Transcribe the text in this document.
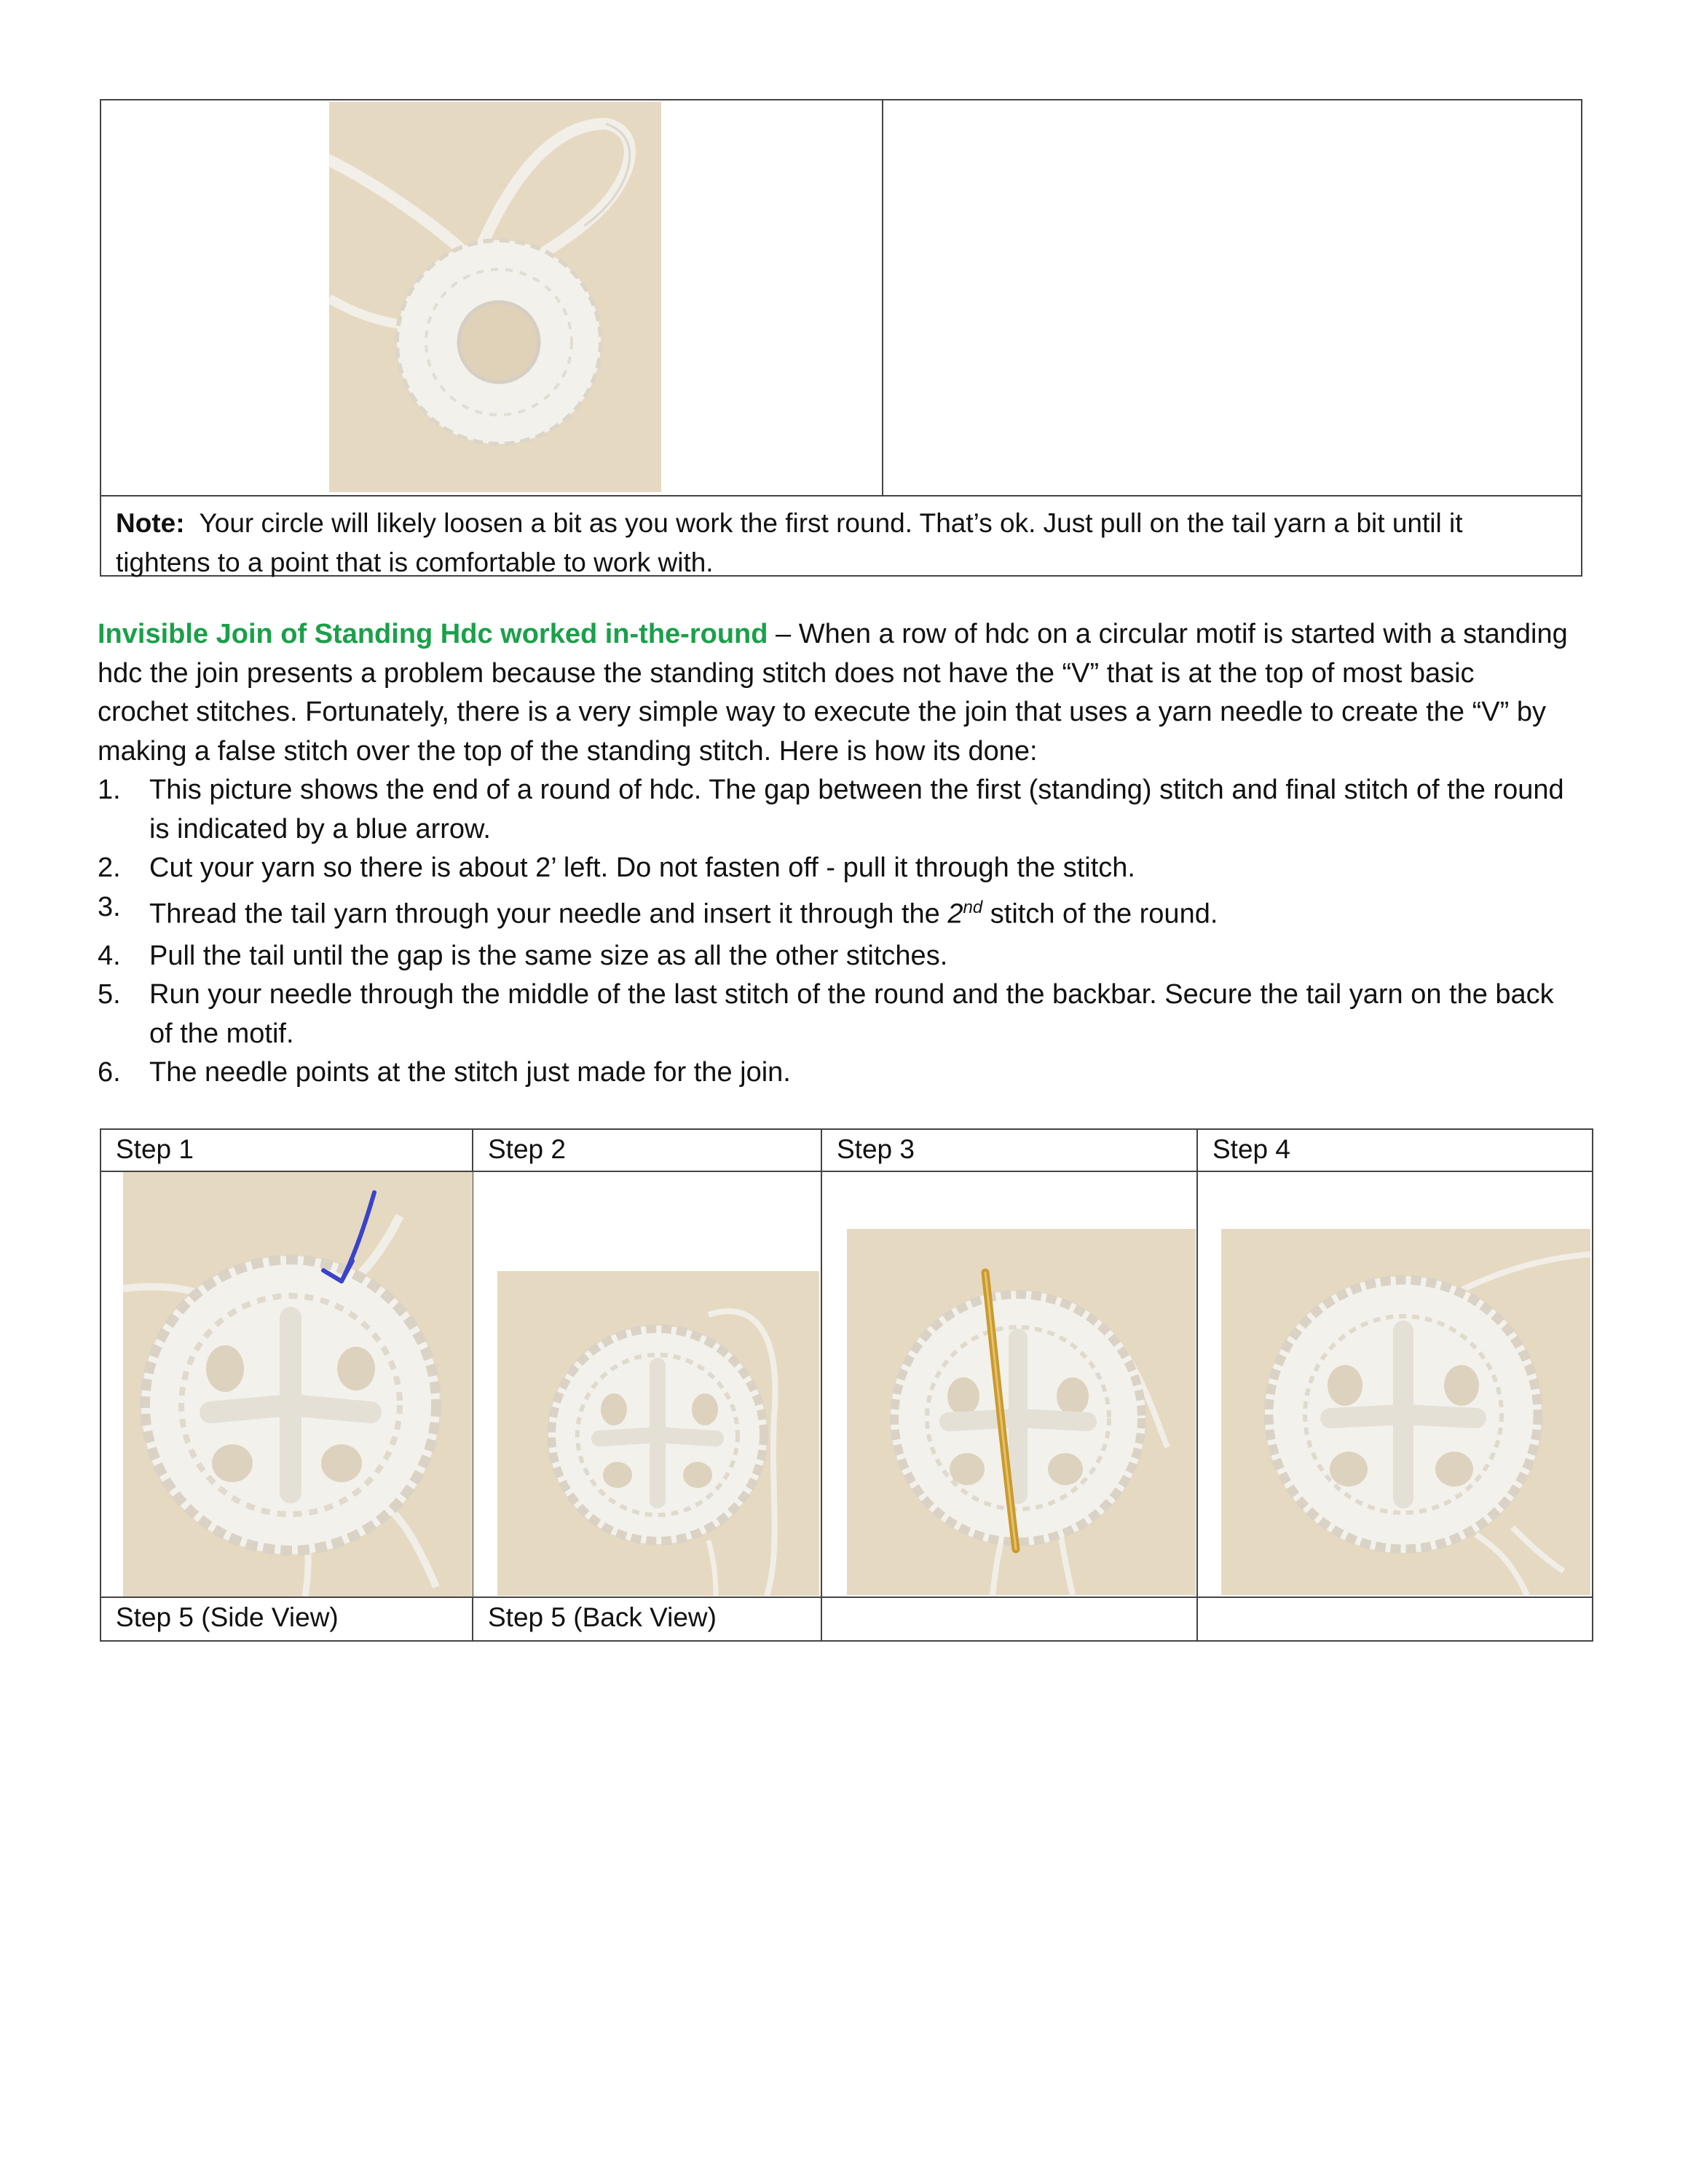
Note: Your circle will likely loosen a bit as you work the first round. That’s ok. Just pull on the tail yarn a bit until it
tightens to a point that is comfortable to work with.
Invisible Join of Standing Hdc worked in-the-round – When a row of hdc on a circular motif is started with a standing
hdc the join presents a problem because the standing stitch does not have the “V” that is at the top of most basic
crochet stitches. Fortunately, there is a very simple way to execute the join that uses a yarn needle to create the “V” by
making a false stitch over the top of the standing stitch. Here is how its done:
1. This picture shows the end of a round of hdc. The gap between the first (standing) stitch and final stitch of the round
is indicated by a blue arrow.
2. Cut your yarn so there is about 2’ left. Do not fasten off - pull it through the stitch.
3. Thread the tail yarn through your needle and insert it through the 2nd stitch of the round.
4. Pull the tail until the gap is the same size as all the other stitches.
5. Run your needle through the middle of the last stitch of the round and the backbar. Secure the tail yarn on the back
of the motif.
6. The needle points at the stitch just made for the join.
Step 1	Step 2	Step 3	Step 4
Step 5 (Side View)	Step 5 (Back View)
